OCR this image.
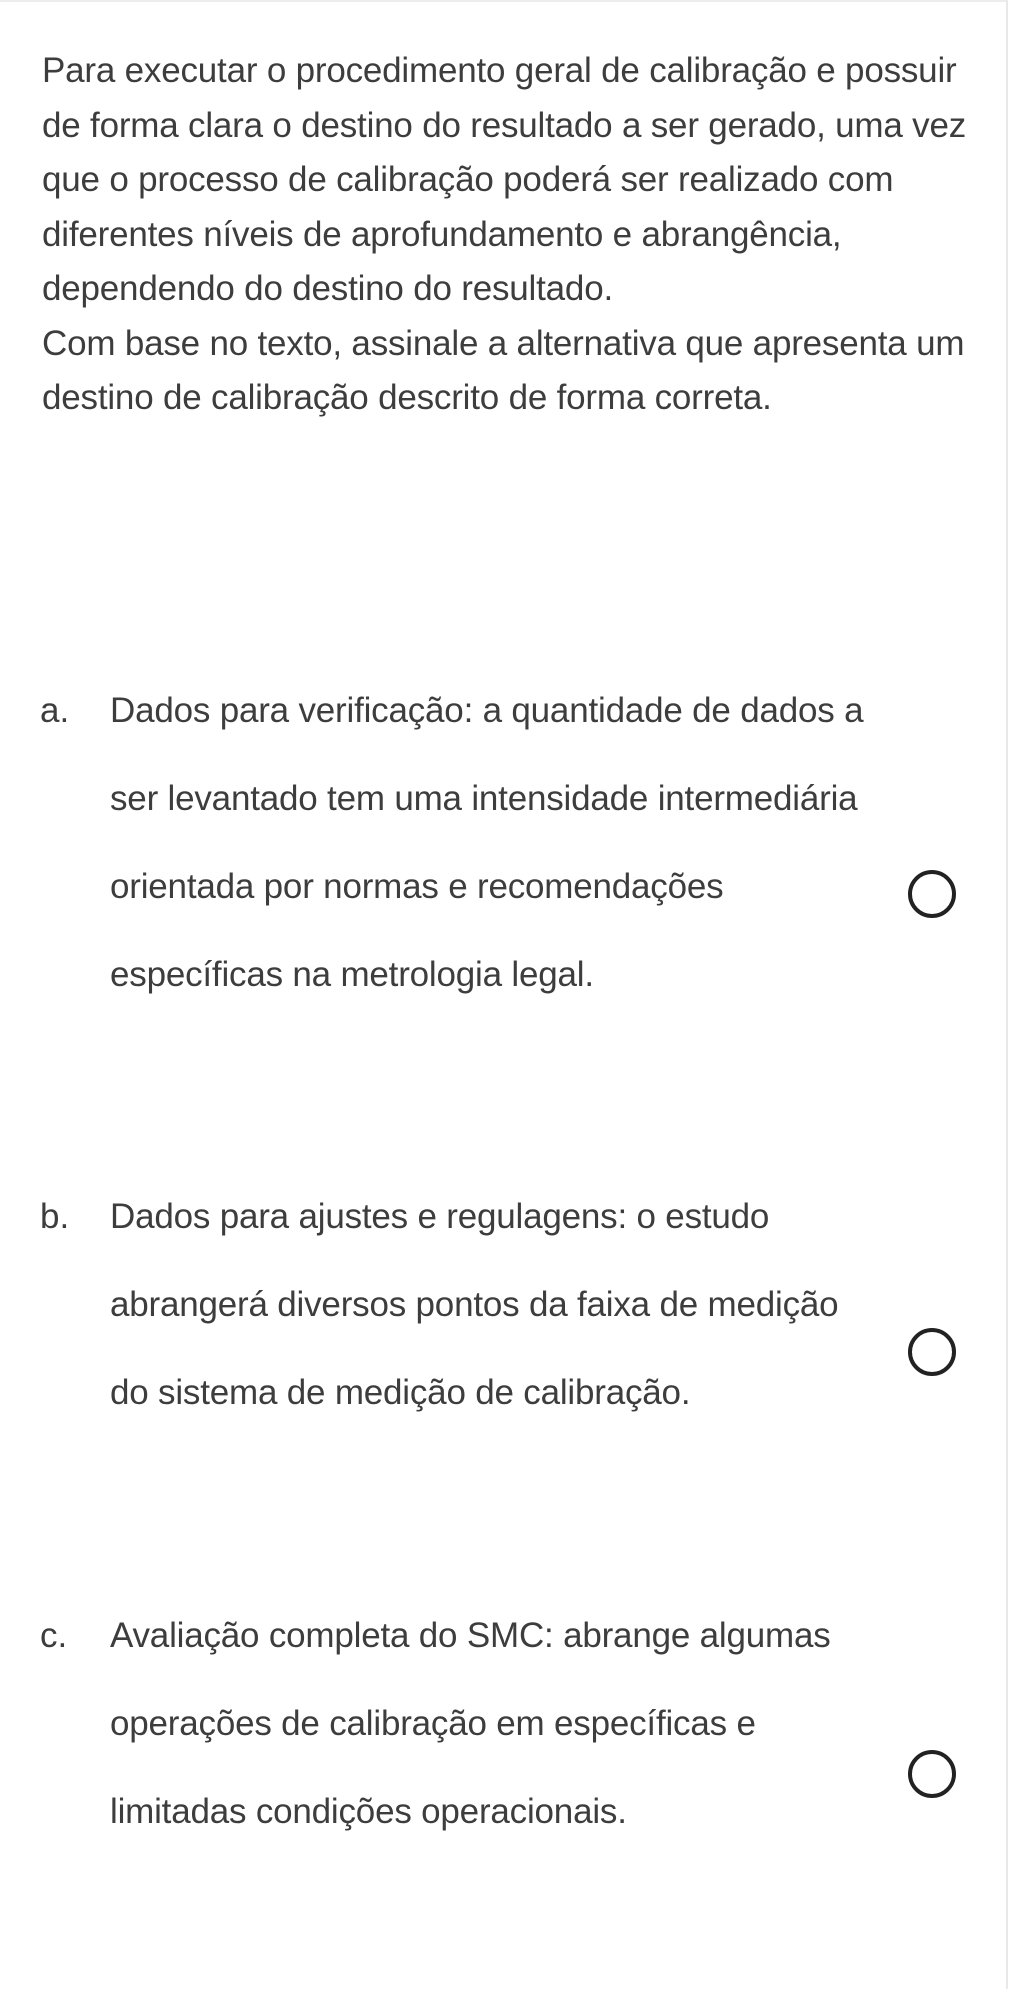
Para executar o procedimento geral de calibração e possuir de forma clara o destino do resultado a ser gerado, uma vez que o processo de calibração poderá ser realizado com diferentes níveis de aprofundamento e abrangência, dependendo do destino do resultado.

Com base no texto, assinale a alternativa que apresenta um destino de calibração descrito de forma correta.

a. Dados para verificação: a quantidade de dados a ser levantado tem uma intensidade intermediária orientada por normas e recomendações específicas na metrologia legal.
b. Dados para ajustes e regulagens: o estudo abrangerá diversos pontos da faixa de medição do sistema de medição de calibração.
c. Avaliação completa do SMC: abrange algumas operações de calibração em específicas e limitadas condições operacionais.
